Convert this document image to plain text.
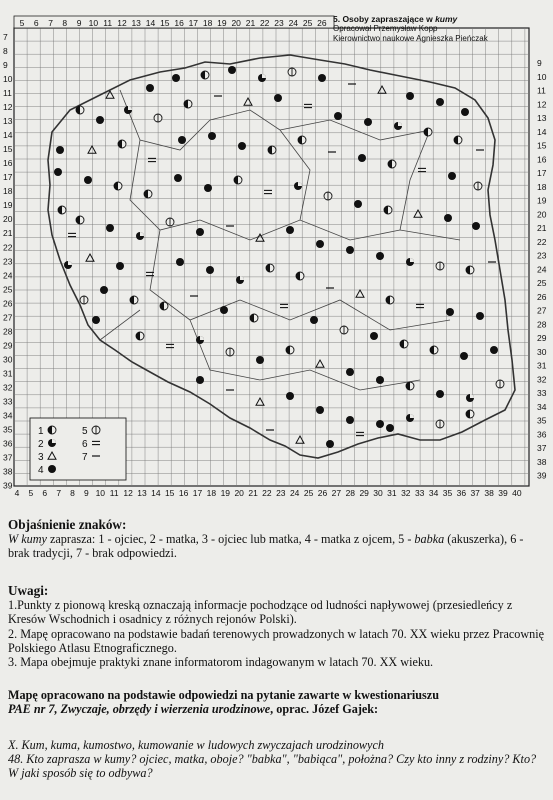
5 6 7 8 9 10 11 12 13 14 15 16 17 18 19 20 21 22 23 24 25 26
4 5 6 7 8 9 10 11 12 13 14 15 16 17 18 19 20 21 22 23 24 25 26 27 28 29 30 31 32 33 34 35 36 37 38 39 40
7
8
9
10
11
12
13
14
15
16
17
18
19
20
21
22
23
24
25
26
27
28
29
30
31
32
33
34
35
36
37
38
39
9
10
11
12
13
14
15
16
17
18
19
20
21
22
23
24
25
26
27
28
29
30
31
32
33
34
35
36
37
38
39
1
2
3
4
5
6
7
5. Osoby zapraszające w kumy
Opracował Przemysław Kopp
Kierownictwo naukowe Agnieszka Pieńczak
Objaśnienie znaków:
W kumy zaprasza: 1 - ojciec, 2 - matka, 3 - ojciec lub matka, 4 - matka z ojcem, 5 - babka (akuszerka), 6 - brak tradycji, 7 - brak odpowiedzi.
Uwagi:
1.Punkty z pionową kreską oznaczają informacje pochodzące od ludności napływowej (przesiedleńcy z Kresów Wschodnich i osadnicy z różnych rejonów Polski).
2. Mapę opracowano na podstawie badań terenowych prowadzonych w latach 70. XX wieku przez Pracownię Polskiego Atlasu Etnograficznego.
3. Mapa obejmuje praktyki znane informatorom indagowanym w latach 70. XX wieku.
Mapę opracowano na podstawie odpowiedzi na pytanie zawarte w kwestionariuszu
PAE nr 7, Zwyczaje, obrzędy i wierzenia urodzinowe, oprac. Józef Gajek:
X. Kum, kuma, kumostwo, kumowanie w ludowych zwyczajach urodzinowych
48. Kto zaprasza w kumy? ojciec, matka, oboje? "babka", "babiąca", położna? Czy kto inny z rodziny? Kto? W jaki sposób się to odbywa?
